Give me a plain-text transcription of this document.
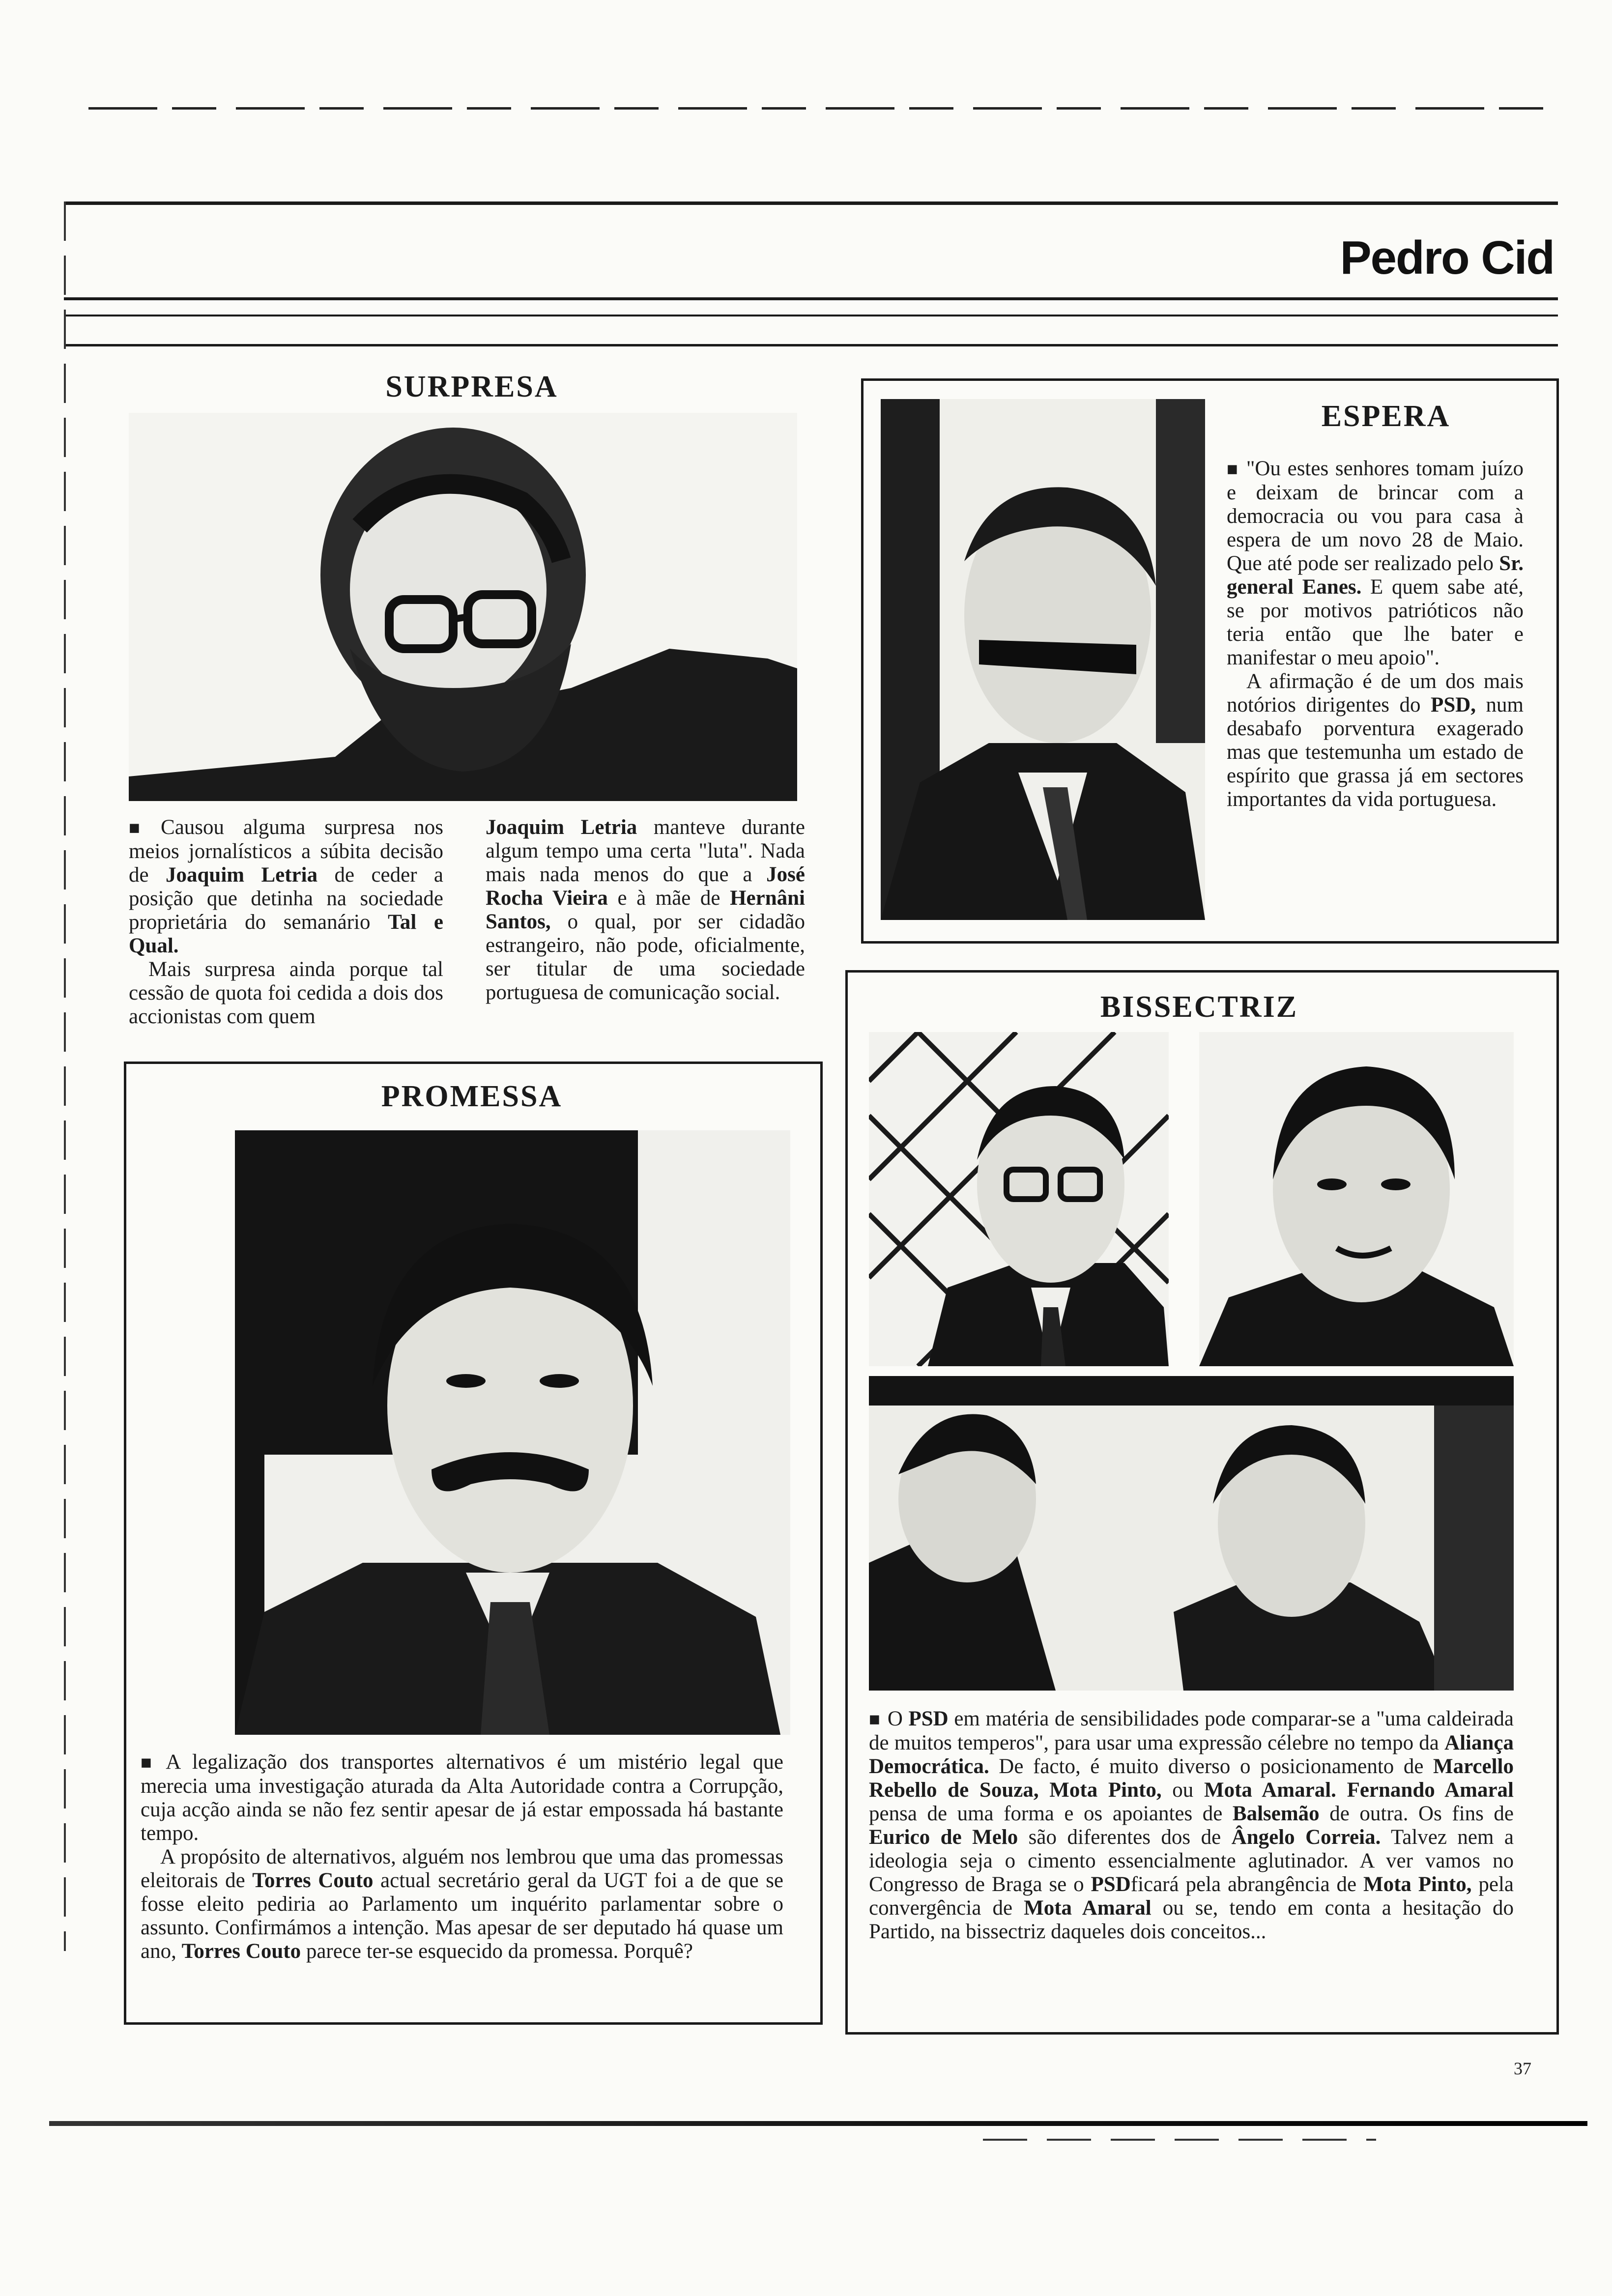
Pedro Cid
SURPRESA

■ Causou alguma surpresa nos meios jornalísticos a súbita decisão de Joaquim Letria de ceder a posição que detinha na sociedade proprietária do semanário Tal e Qual.

Mais surpresa ainda porque tal cessão de quota foi cedida a dois dos accionistas com quem

Joaquim Letria manteve durante algum tempo uma certa "luta". Nada mais nada menos do que a José Rocha Vieira e à mãe de Hernâni Santos, o qual, por ser cidadão estrangeiro, não pode, oficialmente, ser titular de uma sociedade portuguesa de comunicação social.

ESPERA

■ "Ou estes senhores tomam juízo e deixam de brincar com a democracia ou vou para casa à espera de um novo 28 de Maio. Que até pode ser realizado pelo Sr. general Eanes. E quem sabe até, se por motivos patrióticos não teria então que lhe bater e manifestar o meu apoio".

A afirmação é de um dos mais notórios dirigentes do PSD, num desabafo porventura exagerado mas que testemunha um estado de espírito que grassa já em sectores importantes da vida portuguesa.

PROMESSA

■ A legalização dos transportes alternativos é um mistério legal que merecia uma investigação aturada da Alta Autoridade contra a Corrupção, cuja acção ainda se não fez sentir apesar de já estar empossada há bastante tempo.

A propósito de alternativos, alguém nos lembrou que uma das promessas eleitorais de Torres Couto actual secretário geral da UGT foi a de que se fosse eleito pediria ao Parlamento um inquérito parlamentar sobre o assunto. Confirmámos a intenção. Mas apesar de ser deputado há quase um ano, Torres Couto parece ter-se esquecido da promessa. Porquê?

BISSECTRIZ

■ O PSD em matéria de sensibilidades pode comparar-se a "uma caldeirada de muitos temperos", para usar uma expressão célebre no tempo da Aliança Democrática. De facto, é muito diverso o posicionamento de Marcello Rebello de Souza, Mota Pinto, ou Mota Amaral. Fernando Amaral pensa de uma forma e os apoiantes de Balsemão de outra. Os fins de Eurico de Melo são diferentes dos de Ângelo Correia. Talvez nem a ideologia seja o cimento essencialmente aglutinador. A ver vamos no Congresso de Braga se o PSDficará pela abrangência de Mota Pinto, pela convergência de Mota Amaral ou se, tendo em conta a hesitação do Partido, na bissectriz daqueles dois conceitos...

37
